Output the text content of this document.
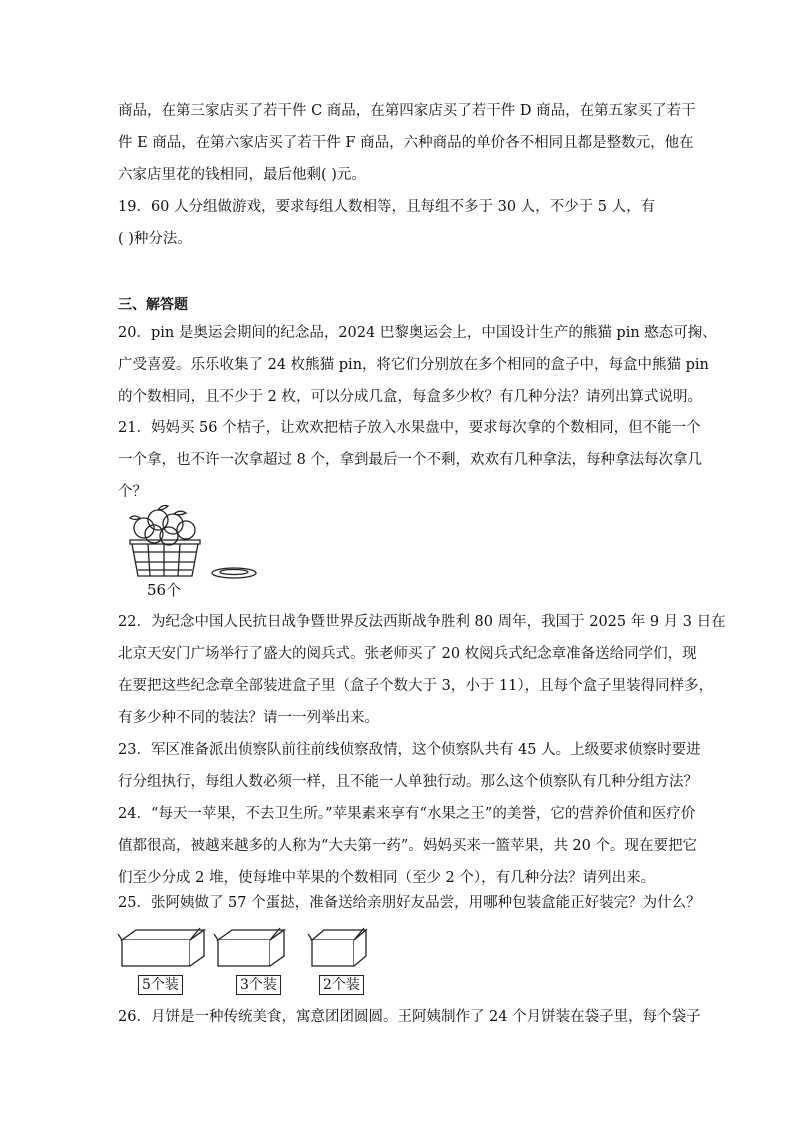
商品，在第三家店买了若干件 C 商品，在第四家店买了若干件 D 商品，在第五家买了若干
件 E 商品，在第六家店买了若干件 F 商品，六种商品的单价各不相同且都是整数元，他在
六家店里花的钱相同，最后他剩( )元。
19．60 人分组做游戏，要求每组人数相等，且每组不多于 30 人，不少于 5 人，有
( )种分法。
三、解答题
20．pin 是奥运会期间的纪念品，2024 巴黎奥运会上，中国设计生产的熊猫 pin 憨态可掬、
广受喜爱。乐乐收集了 24 枚熊猫 pin，将它们分别放在多个相同的盒子中，每盒中熊猫 pin
的个数相同，且不少于 2 枚，可以分成几盒，每盒多少枚？有几种分法？请列出算式说明。
21．妈妈买 56 个桔子，让欢欢把桔子放入水果盘中，要求每次拿的个数相同，但不能一个
一个拿，也不许一次拿超过 8 个，拿到最后一个不剩，欢欢有几种拿法，每种拿法每次拿几
个？
56个
22．为纪念中国人民抗日战争暨世界反法西斯战争胜利 80 周年，我国于 2025 年 9 月 3 日在
北京天安门广场举行了盛大的阅兵式。张老师买了 20 枚阅兵式纪念章准备送给同学们，现
在要把这些纪念章全部装进盒子里（盒子个数大于 3，小于 11），且每个盒子里装得同样多，
有多少种不同的装法？请一一列举出来。
23．军区准备派出侦察队前往前线侦察敌情，这个侦察队共有 45 人。上级要求侦察时要进
行分组执行，每组人数必须一样，且不能一人单独行动。那么这个侦察队有几种分组方法？
24．“每天一苹果，不去卫生所。”苹果素来享有“水果之王”的美誉，它的营养价值和医疗价
值都很高，被越来越多的人称为“大夫第一药”。妈妈买来一篮苹果，共 20 个。现在要把它
们至少分成 2 堆，使每堆中苹果的个数相同（至少 2 个），有几种分法？请列出来。
25．张阿姨做了 57 个蛋挞，准备送给亲朋好友品尝，用哪种包装盒能正好装完？为什么？
5个装	3个装	2个装
26．月饼是一种传统美食，寓意团团圆圆。王阿姨制作了 24 个月饼装在袋子里，每个袋子
